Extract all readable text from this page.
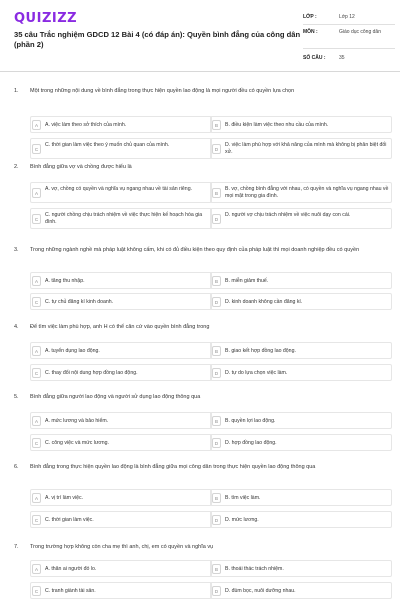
QUIZIZZ
35 câu Trắc nghiệm GDCD 12 Bài 4 (có đáp án): Quyền bình đẳng của công dân (phần 2)
LỚP :	Lớp 12
MÔN :	Giáo dục công dân
SỐ CÂU :	35
1. Một trong những nội dung về bình đẳng trong thực hiện quyền lao động là mọi người đều có quyền lựa chọn
A	A. việc làm theo sở thích của mình.	B	B. điều kiện làm việc theo nhu cầu của mình.
C
C. thời gian làm việc theo ý muốn chủ quan của mình.
D
D. việc làm phù hợp với khả năng của mình mà không bị phân biệt đối xử.
2. Bình đẳng giữa vợ và chồng được hiểu là
A
A. vợ, chồng có quyền và nghĩa vụ ngang nhau về tài sản riêng.
B
B. vợ, chồng bình đẳng với nhau, có quyền và nghĩa vụ ngang nhau về mọi mặt trong gia đình.
C
C. người chồng chịu trách nhiệm về việc thực hiện kế hoạch hóa gia đình.	D
D. người vợ chịu trách nhiệm về việc nuôi dạy con cái.
3. Trong những ngành nghề mà pháp luật không cấm, khi có đủ điều kiện theo quy định của pháp luật thì mọi doanh nghiệp đều có quyền
A	A. tăng thu nhập.	B	B. miễn giảm thuế.
C	C. tự chủ đăng kí kinh doanh.	D	D. kinh doanh không cần đăng kí.
4. Để tìm việc làm phù hợp, anh H có thể căn cứ vào quyền bình đẳng trong
A	A. tuyển dụng lao động.	B	B. giao kết hợp đồng lao động.
C	C. thay đổi nội dung hợp đồng lao động.	D	D. tự do lựa chọn việc làm.
5. Bình đẳng giữa người lao động và người sử dụng lao động thông qua
A	A. mức lương và bảo hiểm.	B	B. quyền lợi lao động.
C	C. công việc và mức lương.	D	D. hợp đồng lao động.
6. Bình đẳng trong thực hiện quyền lao động là bình đẳng giữa mọi công dân trong thực hiện quyền lao động thông qua
A	A. vị trí làm việc.	B	B. tìm việc làm.
C	C. thời gian làm việc.	D	D. mức lương.
7. Trong trường hợp không còn cha mẹ thì anh, chị, em có quyền và nghĩa vụ
A	A. thăn ai người đó lo.	B	B. thoái thác trách nhiệm.
C	C. tranh giành tài sản.	D	D. đùm bọc, nuôi dưỡng nhau.
